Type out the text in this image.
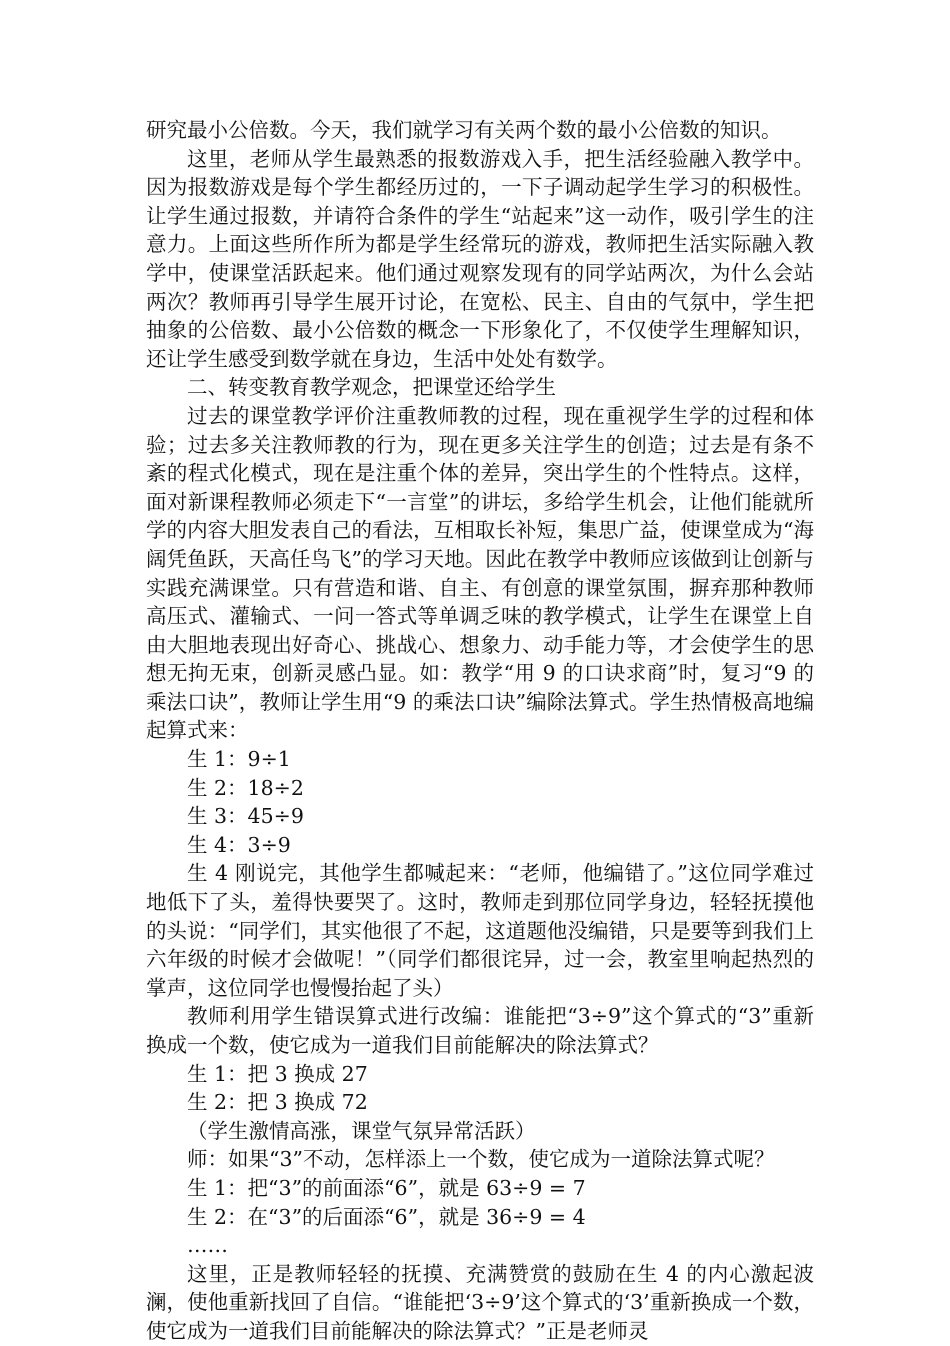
研究最小公倍数。今天，我们就学习有关两个数的最小公倍数的知识。

这里，老师从学生最熟悉的报数游戏入手，把生活经验融入教学中。因为报数游戏是每个学生都经历过的，一下子调动起学生学习的积极性。让学生通过报数，并请符合条件的学生“站起来”这一动作，吸引学生的注意力。上面这些所作所为都是学生经常玩的游戏，教师把生活实际融入教学中，使课堂活跃起来。他们通过观察发现有的同学站两次，为什么会站两次？教师再引导学生展开讨论，在宽松、民主、自由的气氛中，学生把抽象的公倍数、最小公倍数的概念一下形象化了，不仅使学生理解知识，还让学生感受到数学就在身边，生活中处处有数学。

二、转变教育教学观念，把课堂还给学生

过去的课堂教学评价注重教师教的过程，现在重视学生学的过程和体验；过去多关注教师教的行为，现在更多关注学生的创造；过去是有条不紊的程式化模式，现在是注重个体的差异，突出学生的个性特点。这样，面对新课程教师必须走下“一言堂”的讲坛，多给学生机会，让他们能就所学的内容大胆发表自己的看法，互相取长补短，集思广益，使课堂成为“海阔凭鱼跃，天高任鸟飞”的学习天地。因此在教学中教师应该做到让创新与实践充满课堂。只有营造和谐、自主、有创意的课堂氛围，摒弃那种教师高压式、灌输式、一问一答式等单调乏味的教学模式，让学生在课堂上自由大胆地表现出好奇心、挑战心、想象力、动手能力等，才会使学生的思想无拘无束，创新灵感凸显。如：教学“用 9 的口诀求商”时，复习“9 的乘法口诀”，教师让学生用“9 的乘法口诀”编除法算式。学生热情极高地编起算式来：

生 1：9÷1

生 2：18÷2

生 3：45÷9

生 4：3÷9

生 4 刚说完，其他学生都喊起来：“老师，他编错了。”这位同学难过地低下了头，羞得快要哭了。这时，教师走到那位同学身边，轻轻抚摸他的头说：“同学们，其实他很了不起，这道题他没编错，只是要等到我们上六年级的时候才会做呢！”（同学们都很诧异，过一会，教室里响起热烈的掌声，这位同学也慢慢抬起了头）

教师利用学生错误算式进行改编：谁能把“3÷9”这个算式的“3”重新换成一个数，使它成为一道我们目前能解决的除法算式？

生 1：把 3 换成 27

生 2：把 3 换成 72

（学生激情高涨，课堂气氛异常活跃）

师：如果“3”不动，怎样添上一个数，使它成为一道除法算式呢？

生 1：把“3”的前面添“6”，就是 63÷9 = 7

生 2：在“3”的后面添“6”，就是 36÷9 = 4

……

这里，正是教师轻轻的抚摸、充满赞赏的鼓励在生 4 的内心激起波澜，使他重新找回了自信。“谁能把‘3÷9’这个算式的‘3’重新换成一个数，使它成为一道我们目前能解决的除法算式？”正是老师灵
